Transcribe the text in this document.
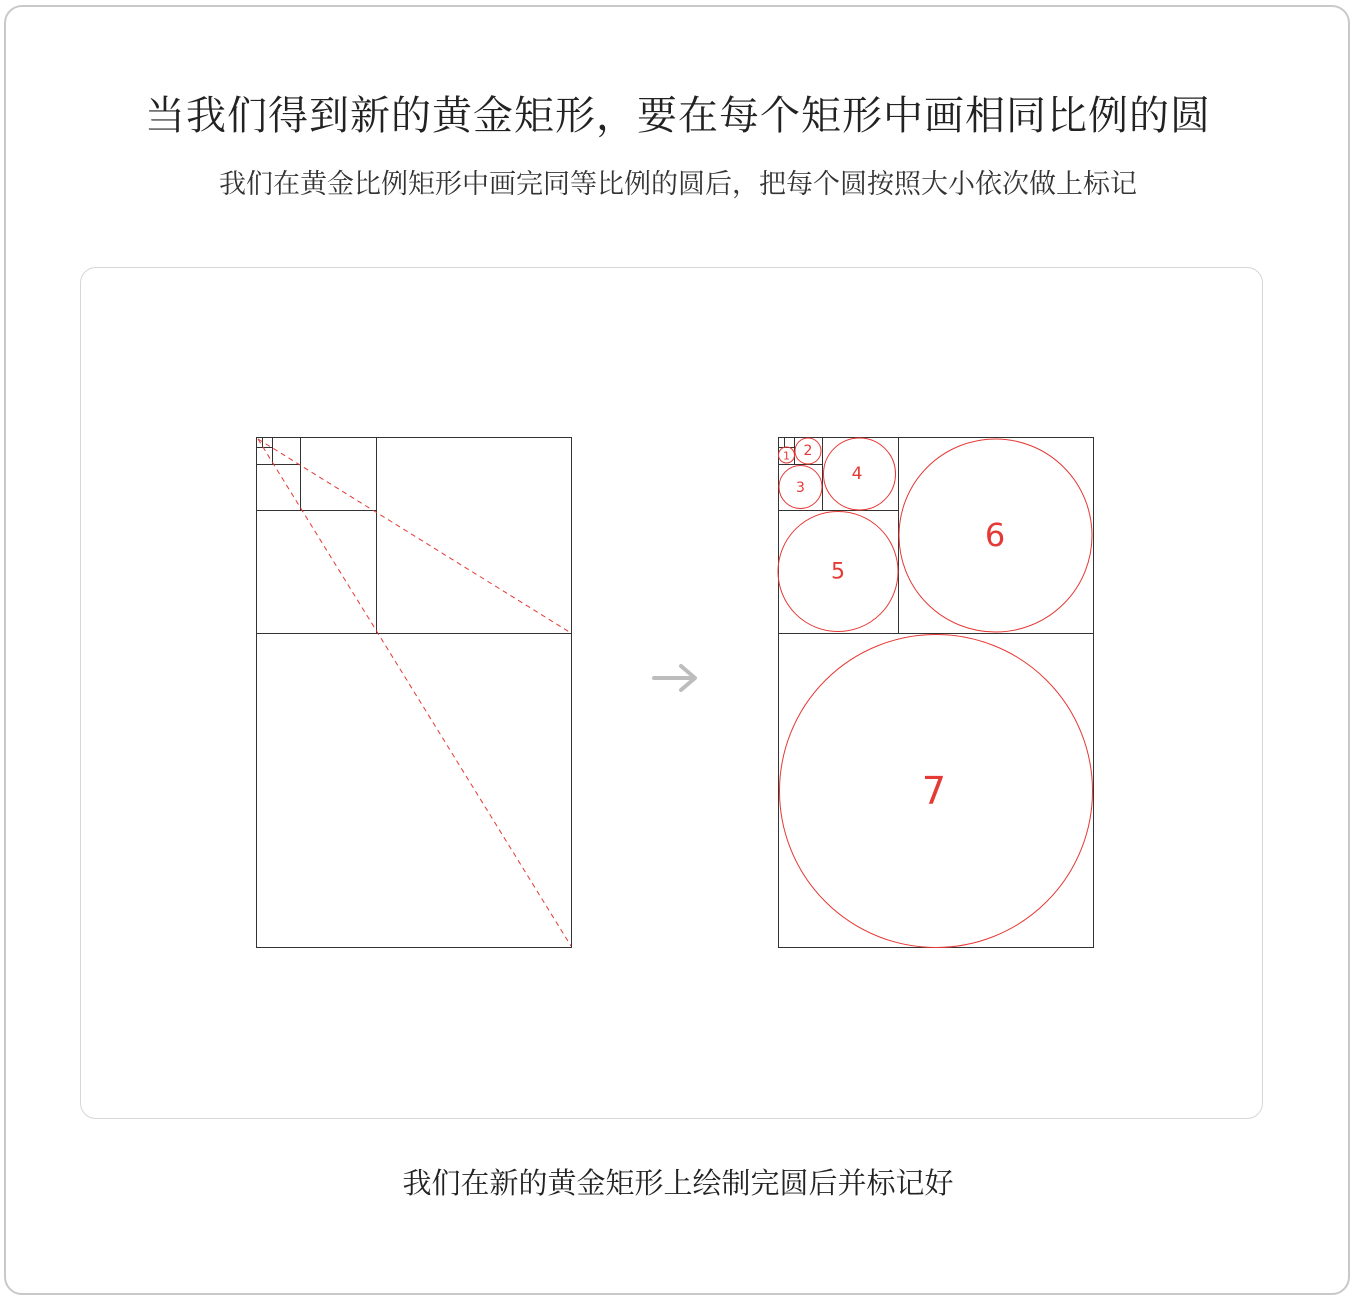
当我们得到新的黄金矩形，要在每个矩形中画相同比例的圆
我们在黄金比例矩形中画完同等比例的圆后，把每个圆按照大小依次做上标记
1 2
3
4
5
6
7
我们在新的黄金矩形上绘制完圆后并标记好
